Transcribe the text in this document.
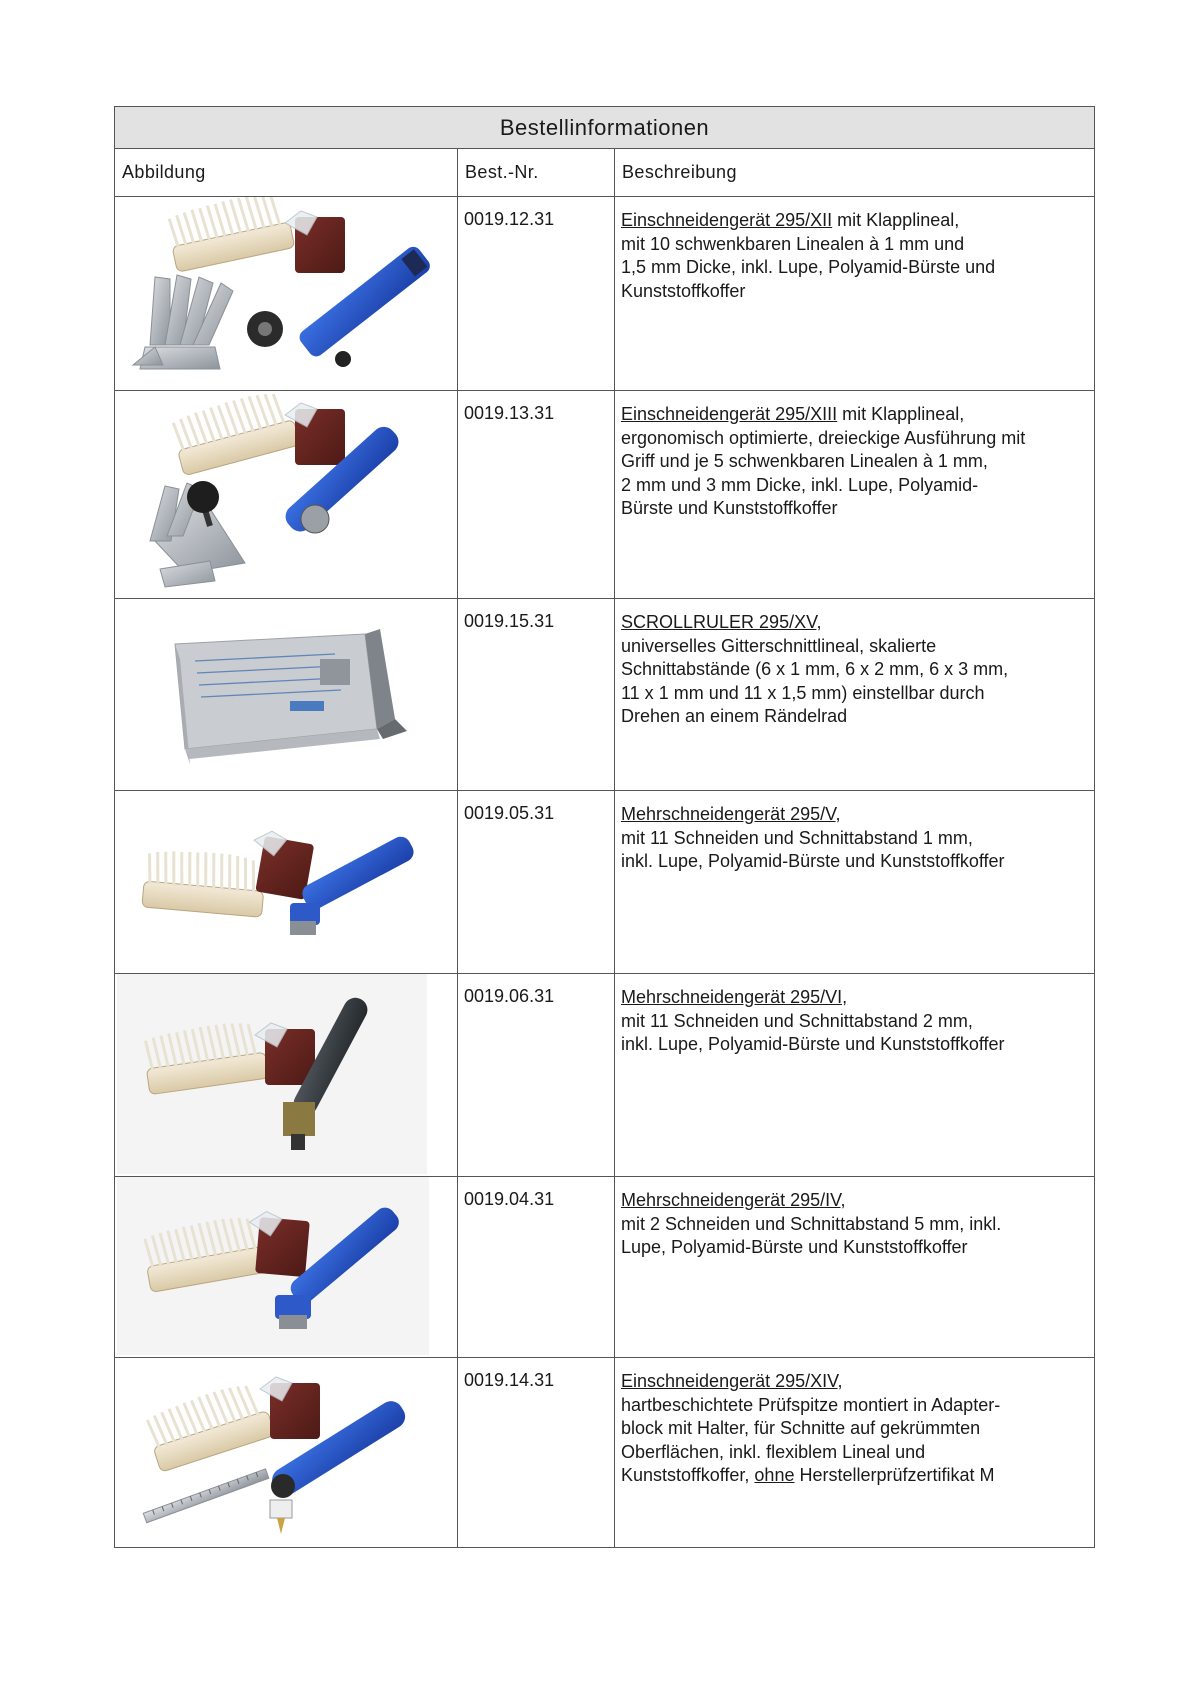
Bestellinformationen		
Abbildung	Best.-Nr.	Beschreibung

	0019.12.31	Einschneidengerät 295/XII mit Klapplineal,
mit 10 schwenkbaren Linealen à 1 mm und
1,5 mm Dicke, inkl. Lupe, Polyamid-Bürste und
Kunststoffkoffer

	0019.13.31	Einschneidengerät 295/XIII mit Klapplineal,
ergonomisch optimierte, dreieckige Ausführung mit
Griff und je 5 schwenkbaren Linealen à 1 mm,
2 mm und 3 mm Dicke, inkl. Lupe, Polyamid-
Bürste und Kunststoffkoffer

	0019.15.31	SCROLLRULER 295/XV,
universelles Gitterschnittlineal, skalierte
Schnittabstände (6 x 1 mm, 6 x 2 mm, 6 x 3 mm,
11 x 1 mm und 11 x 1,5 mm) einstellbar durch
Drehen an einem Rändelrad

	0019.05.31	Mehrschneidengerät 295/V,
mit 11 Schneiden und Schnittabstand 1 mm,
inkl. Lupe, Polyamid-Bürste und Kunststoffkoffer

	0019.06.31	Mehrschneidengerät 295/VI,
mit 11 Schneiden und Schnittabstand 2 mm,
inkl. Lupe, Polyamid-Bürste und Kunststoffkoffer

	0019.04.31	Mehrschneidengerät 295/IV,
mit 2 Schneiden und Schnittabstand 5 mm, inkl.
Lupe, Polyamid-Bürste und Kunststoffkoffer

	0019.14.31	Einschneidengerät 295/XIV,
hartbeschichtete Prüfspitze montiert in Adapter-
block mit Halter, für Schnitte auf gekrümmten
Oberflächen, inkl. flexiblem Lineal und
Kunststoffkoffer, ohne Herstellerprüfzertifikat M
